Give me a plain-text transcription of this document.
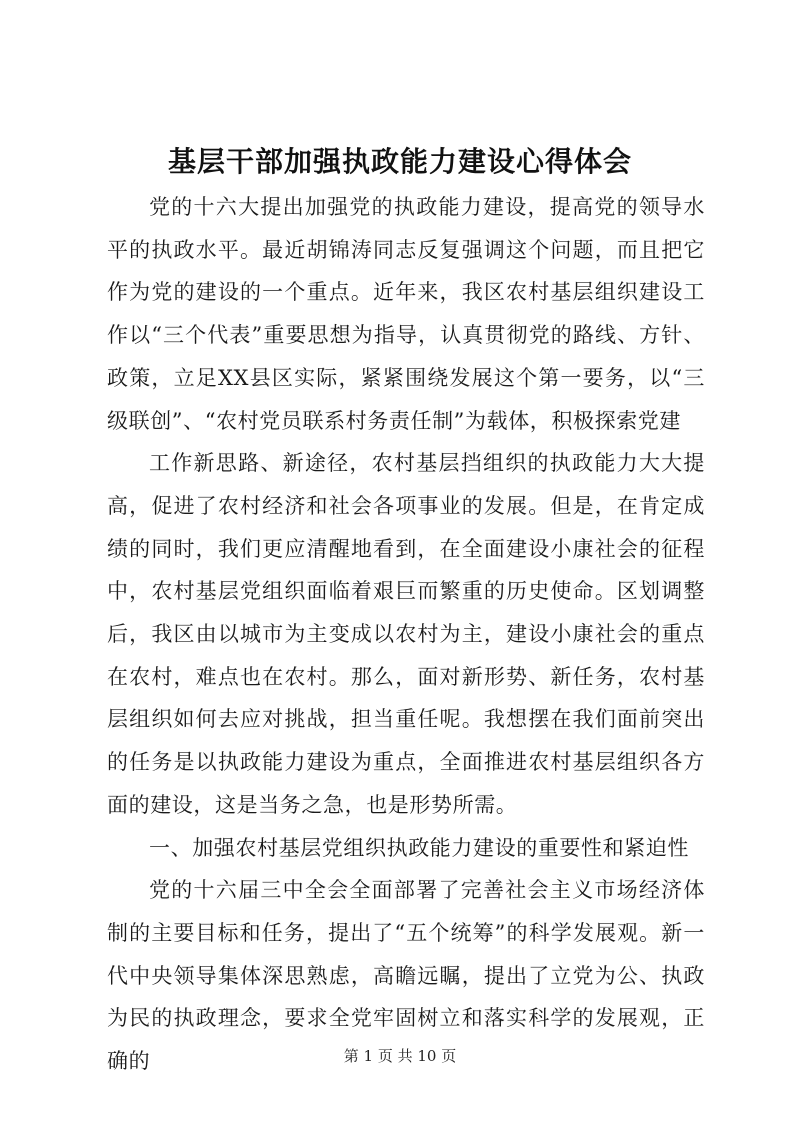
基层干部加强执政能力建设心得体会

党的十六大提出加强党的执政能力建设，提高党的领导水平的执政水平。最近胡锦涛同志反复强调这个问题，而且把它作为党的建设的一个重点。近年来，我区农村基层组织建设工作以“三个代表”重要思想为指导，认真贯彻党的路线、方针、政策，立足XX县区实际，紧紧围绕发展这个第一要务，以“三级联创”、“农村党员联系村务责任制”为载体，积极探索党建

工作新思路、新途径，农村基层挡组织的执政能力大大提高，促进了农村经济和社会各项事业的发展。但是，在肯定成绩的同时，我们更应清醒地看到，在全面建设小康社会的征程中，农村基层党组织面临着艰巨而繁重的历史使命。区划调整后，我区由以城市为主变成以农村为主，建设小康社会的重点在农村，难点也在农村。那么，面对新形势、新任务，农村基层组织如何去应对挑战，担当重任呢。我想摆在我们面前突出的任务是以执政能力建设为重点，全面推进农村基层组织各方面的建设，这是当务之急，也是形势所需。

一、加强农村基层党组织执政能力建设的重要性和紧迫性

党的十六届三中全会全面部署了完善社会主义市场经济体制的主要目标和任务，提出了“五个统筹”的科学发展观。新一代中央领导集体深思熟虑，高瞻远瞩，提出了立党为公、执政为民的执政理念，要求全党牢固树立和落实科学的发展观，正确的	第 1 页 共 10 页
